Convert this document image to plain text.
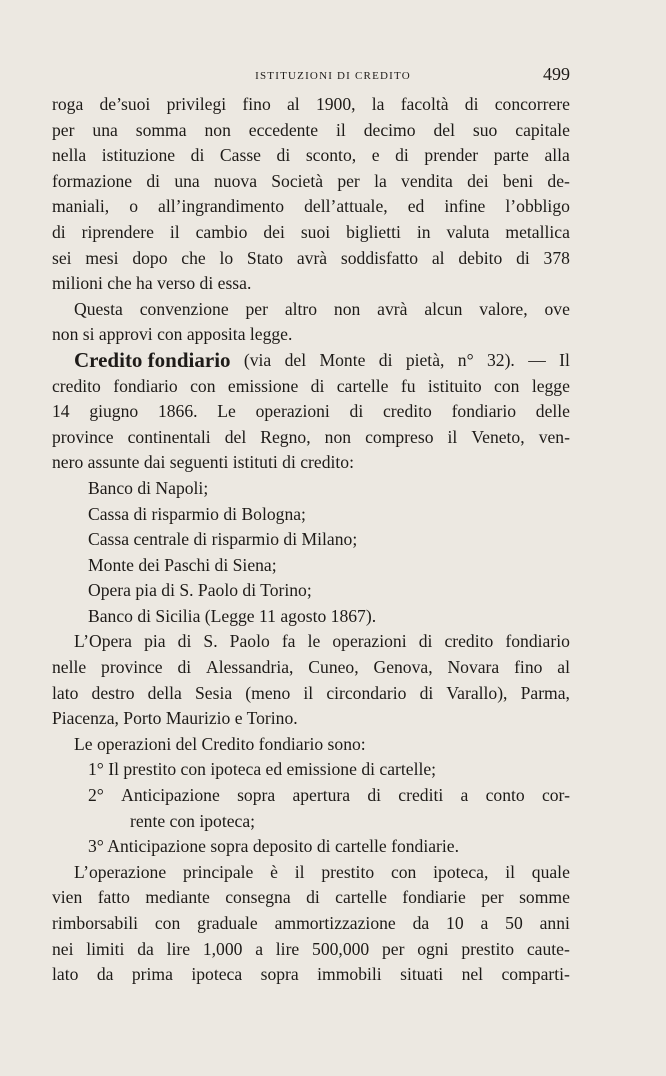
ISTITUZIONI DI CREDITO	499
roga de’suoi privilegi fino al 1900, la facoltà di concorrere
per una somma non eccedente il decimo del suo capitale
nella istituzione di Casse di sconto, e di prender parte alla
formazione di una nuova Società per la vendita dei beni de-
maniali, o all’ingrandimento dell’attuale, ed infine l’obbligo
di riprendere il cambio dei suoi biglietti in valuta metallica
sei mesi dopo che lo Stato avrà soddisfatto al debito di 378
milioni che ha verso di essa.
Questa convenzione per altro non avrà alcun valore, ove
non si approvi con apposita legge.
Credito fondiario (via del Monte di pietà, n° 32). — Il
credito fondiario con emissione di cartelle fu istituito con legge
14 giugno 1866. Le operazioni di credito fondiario delle
province continentali del Regno, non compreso il Veneto, ven-
nero assunte dai seguenti istituti di credito:
Banco di Napoli;
Cassa di risparmio di Bologna;
Cassa centrale di risparmio di Milano;
Monte dei Paschi di Siena;
Opera pia di S. Paolo di Torino;
Banco di Sicilia (Legge 11 agosto 1867).
L’Opera pia di S. Paolo fa le operazioni di credito fondiario
nelle province di Alessandria, Cuneo, Genova, Novara fino al
lato destro della Sesia (meno il circondario di Varallo), Parma,
Piacenza, Porto Maurizio e Torino.
Le operazioni del Credito fondiario sono:
1° Il prestito con ipoteca ed emissione di cartelle;
2° Anticipazione sopra apertura di crediti a conto cor-
rente con ipoteca;
3° Anticipazione sopra deposito di cartelle fondiarie.
L’operazione principale è il prestito con ipoteca, il quale
vien fatto mediante consegna di cartelle fondiarie per somme
rimborsabili con graduale ammortizzazione da 10 a 50 anni
nei limiti da lire 1,000 a lire 500,000 per ogni prestito caute-
lato da prima ipoteca sopra immobili situati nel comparti-
